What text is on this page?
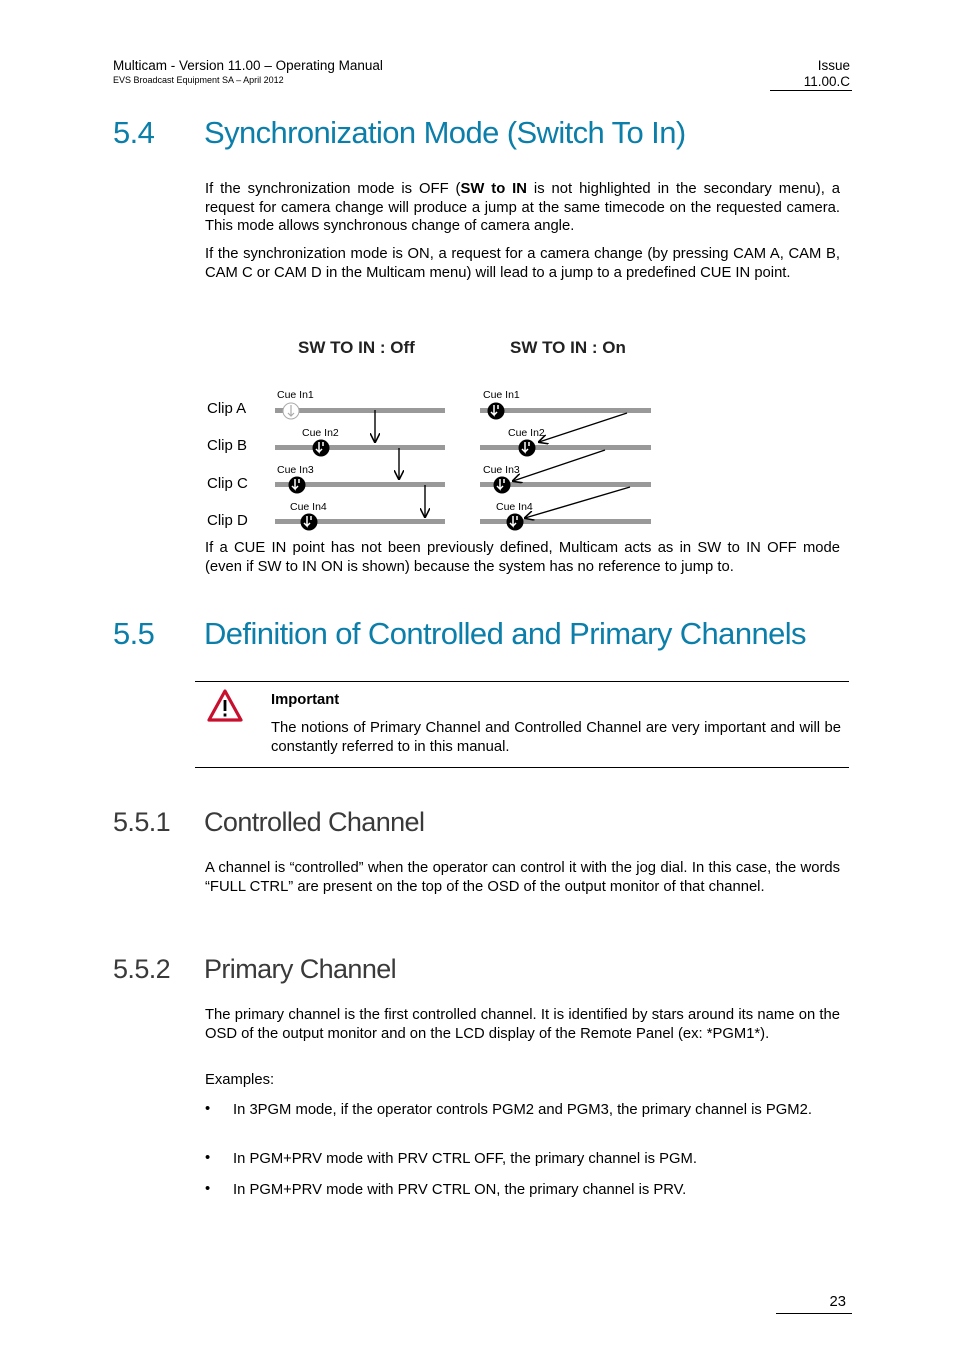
Multicam - Version 11.00 – Operating Manual
EVS Broadcast Equipment SA – April 2012
Issue
11.00.C
5.4 Synchronization Mode (Switch To In)
If the synchronization mode is OFF (SW to IN is not highlighted in the secondary menu), a request for camera change will produce a jump at the same timecode on the requested camera. This mode allows synchronous change of camera angle.
If the synchronization mode is ON, a request for a camera change (by pressing CAM A, CAM B, CAM C or CAM D in the Multicam menu) will lead to a jump to a predefined CUE IN point.
SW TO IN : Off	SW TO IN : On
Clip A
Clip B
Clip C
Clip D
Cue In1
Cue In2
Cue In3
Cue In4
Cue In1
Cue In2
Cue In3
Cue In4
If a CUE IN point has not been previously defined, Multicam acts as in SW to IN OFF mode (even if SW to IN ON is shown) because the system has no reference to jump to.
5.5 Definition of Controlled and Primary Channels
Important
The notions of Primary Channel and Controlled Channel are very important and will be constantly referred to in this manual.
5.5.1 Controlled Channel
A channel is “controlled” when the operator can control it with the jog dial. In this case, the words “FULL CTRL” are present on the top of the OSD of the output monitor of that channel.
5.5.2 Primary Channel
The primary channel is the first controlled channel. It is identified by stars around its name on the OSD of the output monitor and on the LCD display of the Remote Panel (ex: *PGM1*).
Examples:
• In 3PGM mode, if the operator controls PGM2 and PGM3, the primary channel is PGM2.
• In PGM+PRV mode with PRV CTRL OFF, the primary channel is PGM.
• In PGM+PRV mode with PRV CTRL ON, the primary channel is PRV.
23
